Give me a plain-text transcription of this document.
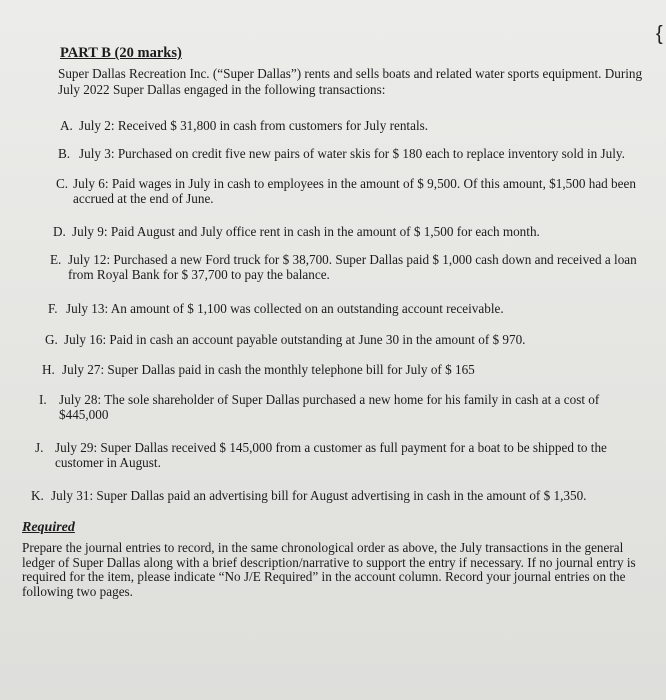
{
PART B (20 marks)
Super Dallas Recreation Inc. (“Super Dallas”) rents and sells boats and related water sports equipment. During July 2022 Super Dallas engaged in the following transactions:
A. July 2: Received $ 31,800 in cash from customers for July rentals.
B. July 3: Purchased on credit five new pairs of water skis for $ 180 each to replace inventory sold in July.
C. July 6: Paid wages in July in cash to employees in the amount of $ 9,500. Of this amount, $1,500 had been accrued at the end of June.
D. July 9: Paid August and July office rent in cash in the amount of $ 1,500 for each month.
E. July 12: Purchased a new Ford truck for $ 38,700. Super Dallas paid $ 1,000 cash down and received a loan from Royal Bank for $ 37,700 to pay the balance.
F. July 13: An amount of $ 1,100 was collected on an outstanding account receivable.
G. July 16: Paid in cash an account payable outstanding at June 30 in the amount of $ 970.
H. July 27: Super Dallas paid in cash the monthly telephone bill for July of $ 165
I. July 28: The sole shareholder of Super Dallas purchased a new home for his family in cash at a cost of $445,000
J. July 29: Super Dallas received $ 145,000 from a customer as full payment for a boat to be shipped to the customer in August.
K. July 31: Super Dallas paid an advertising bill for August advertising in cash in the amount of $ 1,350.
Required
Prepare the journal entries to record, in the same chronological order as above, the July transactions in the general ledger of Super Dallas along with a brief description/narrative to support the entry if necessary. If no journal entry is required for the item, please indicate “No J/E Required” in the account column. Record your journal entries on the following two pages.
